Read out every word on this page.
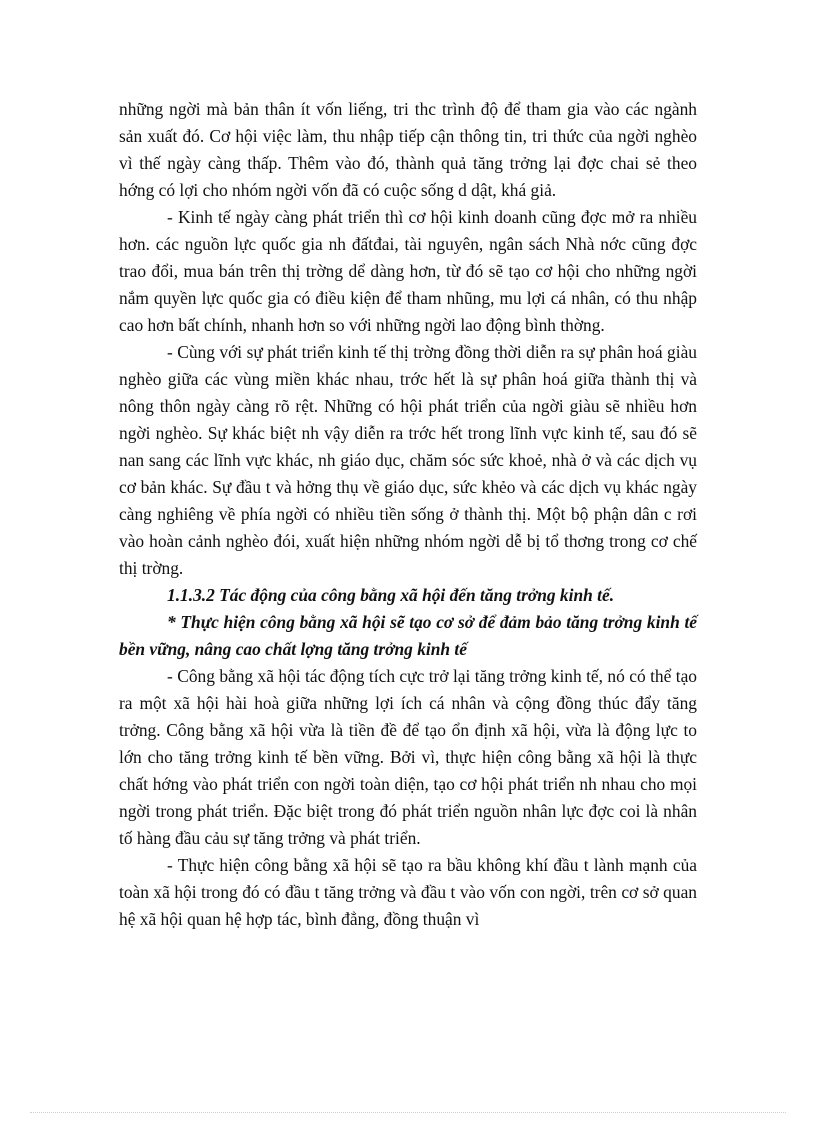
những ngời mà bản thân ít vốn liếng, tri thc trình độ để tham gia vào các ngành sản xuất đó. Cơ hội việc làm, thu nhập tiếp cận thông tin, tri thức của ngời nghèo vì thế ngày càng thấp. Thêm vào đó, thành quả tăng trởng lại đợc chai sẻ theo hớng có lợi cho nhóm ngời vốn đã có cuộc sống d dật, khá giả.

- Kinh tế ngày càng phát triển thì cơ hội kinh doanh cũng đợc mở ra nhiều hơn. các nguồn lực quốc gia nh đấtđai, tài nguyên, ngân sách Nhà nớc cũng đợc trao đổi, mua bán trên thị trờng dể dàng hơn, từ đó sẽ tạo cơ hội cho những ngời nắm quyền lực quốc gia có điều kiện để tham nhũng, mu lợi cá nhân, có thu nhập cao hơn bất chính, nhanh hơn so với những ngời lao động bình thờng.

- Cùng với sự phát triển kinh tế thị trờng đồng thời diễn ra sự phân hoá giàu nghèo giữa các vùng miền khác nhau, trớc hết là sự phân hoá giữa thành thị và nông thôn ngày càng rõ rệt. Những có hội phát triển của ngời giàu sẽ nhiều hơn ngời nghèo. Sự khác biệt nh vậy diễn ra trớc hết trong lĩnh vực kinh tế, sau đó sẽ nan sang các lĩnh vực khác, nh giáo dục, chăm sóc sức khoẻ, nhà ở và các dịch vụ cơ bản khác. Sự đầu t và hởng thụ về giáo dục, sức khẻo và các dịch vụ khác ngày càng nghiêng về phía ngời có nhiều tiền sống ở thành thị. Một bộ phận dân c rơi vào hoàn cảnh nghèo đói, xuất hiện những nhóm ngời dễ bị tổ thơng trong cơ chế thị trờng.

1.1.3.2 Tác động của công bằng xã hội đến tăng trởng kinh tế.

* Thực hiện công bằng xã hội sẽ tạo cơ sở để đảm bảo tăng trởng kinh tế bền vững, nâng cao chất lợng tăng trởng kinh tế

- Công bằng xã hội tác động tích cực trở lại tăng trởng kinh tế, nó có thể tạo ra một xã hội hài hoà giữa những lợi ích cá nhân và cộng đồng thúc đẩy tăng trởng. Công bằng xã hội vừa là tiền đề để tạo ổn định xã hội, vừa là động lực to lớn cho tăng trởng kinh tế bền vững. Bởi vì, thực hiện công bằng xã hội là thực chất hớng vào phát triển con ngời toàn diện, tạo cơ hội phát triển nh nhau cho mọi ngời trong phát triển. Đặc biệt trong đó phát triển nguồn nhân lực đợc coi là nhân tố hàng đầu cảu sự tăng trởng và phát triển.

- Thực hiện công bằng xã hội sẽ tạo ra bầu không khí đầu t lành mạnh của toàn xã hội trong đó có đầu t tăng trởng và đầu t vào vốn con ngời, trên cơ sở quan hệ xã hội quan hệ hợp tác, bình đẳng, đồng thuận vì
